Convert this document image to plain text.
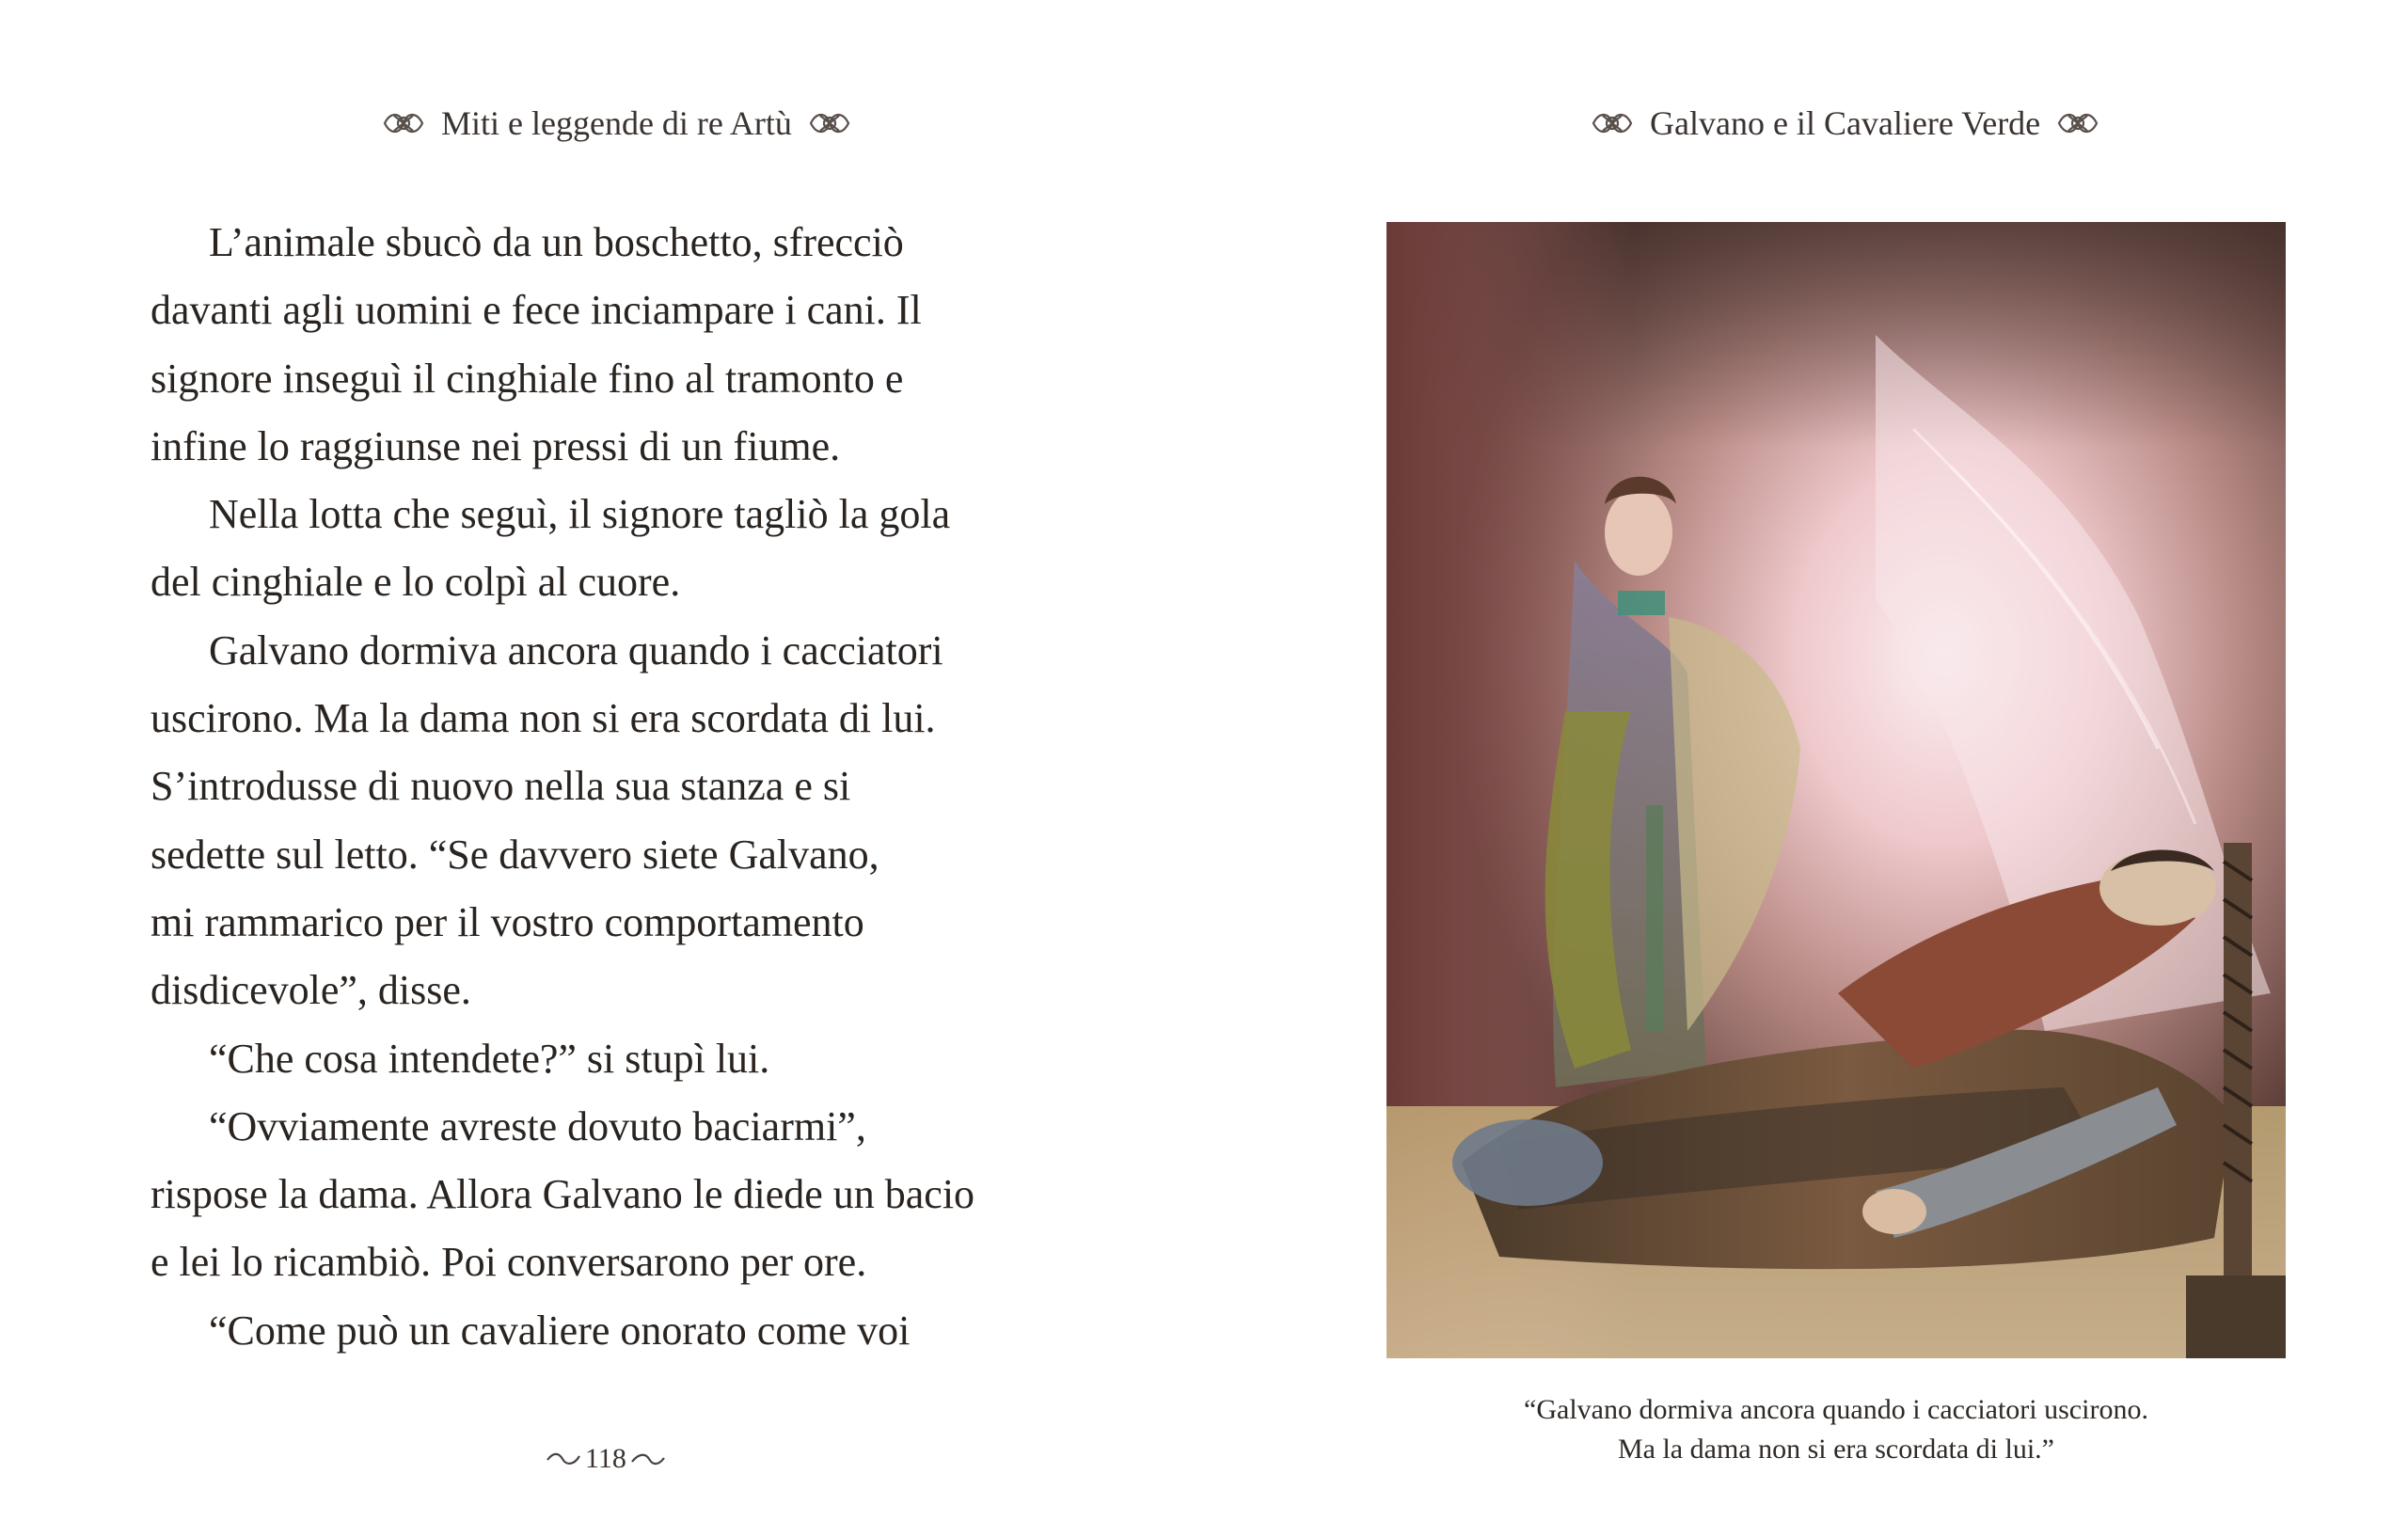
Miti e leggende di re Artù
L’animale sbucò da un boschetto, sfrecciò
davanti agli uomini e fece inciampare i cani. Il
signore inseguì il cinghiale fino al tramonto e
infine lo raggiunse nei pressi di un fiume.
Nella lotta che seguì, il signore tagliò la gola
del cinghiale e lo colpì al cuore.
Galvano dormiva ancora quando i cacciatori
uscirono. Ma la dama non si era scordata di lui.
S’introdusse di nuovo nella sua stanza e si
sedette sul letto. “Se davvero siete Galvano,
mi rammarico per il vostro comportamento
disdicevole”, disse.
“Che cosa intendete?” si stupì lui.
“Ovviamente avreste dovuto baciarmi”,
rispose la dama. Allora Galvano le diede un bacio
e lei lo ricambiò. Poi conversarono per ore.
“Come può un cavaliere onorato come voi
118
Galvano e il Cavaliere Verde
“Galvano dormiva ancora quando i cacciatori uscirono.
Ma la dama non si era scordata di lui.”
